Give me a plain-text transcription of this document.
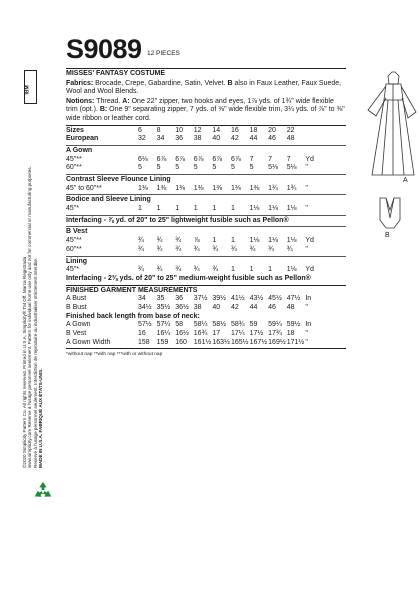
IBM
©2020 Simplicity Pattern Co. All rights reserved. Printed in U.S.A. Simplicity® TM Off. Marca Registrada www.simplicity.com Reserve à l'usage personnel seulement. Pattern for individual home use only and not for commercial or manufacturing purposes. Reserve à l'usage personnel seulement. Interdiction de reproduire ou industrialiser strictement interdite. MADE IN U.S.A. FABRIQUÉ AUX ÉTATS-UNIS.
S9089 12 PIECES
MISSES' FANTASY COSTUME
Fabrics: Brocade, Crepe, Gabardine, Satin, Velvet. B also in Faux Leather, Faux Suede, Wool and Wool Blends.
Notions: Thread. A: One 22" zipper, two hooks and eyes, 1⅞ yds. of 1¾" wide flexible trim (opt.). B: One 9" separating zipper, 7 yds. of ⅜" wide flexible trim, 3¼ yds. of ⅞" to ⅜" wide ribbon or leather cord.
Sizes	6	8	10	12	14	16	18	20	22
European	32	34	36	38	40	42	44	46	48
A Gown
45"**	6⅛	6⅞	6⅞	6⅞	6⅞	6⅞	7	7	7	Yd
60"**	5	5	5	5	5	5	5	5⅛	5⅛	"
Contrast Sleeve Flounce Lining
45" to 60"**	1⅜	1⅜	1⅜	1⅜	1⅜	1⅜	1⅜	1¾	1¾	"
Bodice and Sleeve Lining
45"*	1	1	1	1	1	1	1⅛	1⅛	1⅛	"
Interfacing - ⅞ yd. of 20" to 25" lightweight fusible such as Pellon®
B Vest
45"**	¾	¾	¾	⅞	1	1	1⅛	1⅛	1⅛	Yd
60"**	¾	¾	¾	¾	¾	¾	¾	¾	¾	"
Lining
45"*	¾	¾	¾	¾	¾	1	1	1	1⅛	Yd
Interfacing - 2⅜ yds. of 20" to 25" medium-weight fusible such as Pellon®
FINISHED GARMENT MEASUREMENTS
A Bust	34	35	36	37½ 39½ 41½ 43½ 45½ 47½ In
B Bust	34½ 35½ 36½ 38	40	42	44	46	48	"
Finished back length from base of neck:
A Gown	57½ 57¼ 58	58¼ 58½ 58¾ 59	59¼ 59½ In
B Vest	16	16¼ 16½ 16¾ 17	17¼ 17½ 17¾ 18	"
A Gown Width	158 159 160 161½ 163½ 165½ 167½ 169½ 171½ "
*without nap **with nap ***with or without nap
A
B
